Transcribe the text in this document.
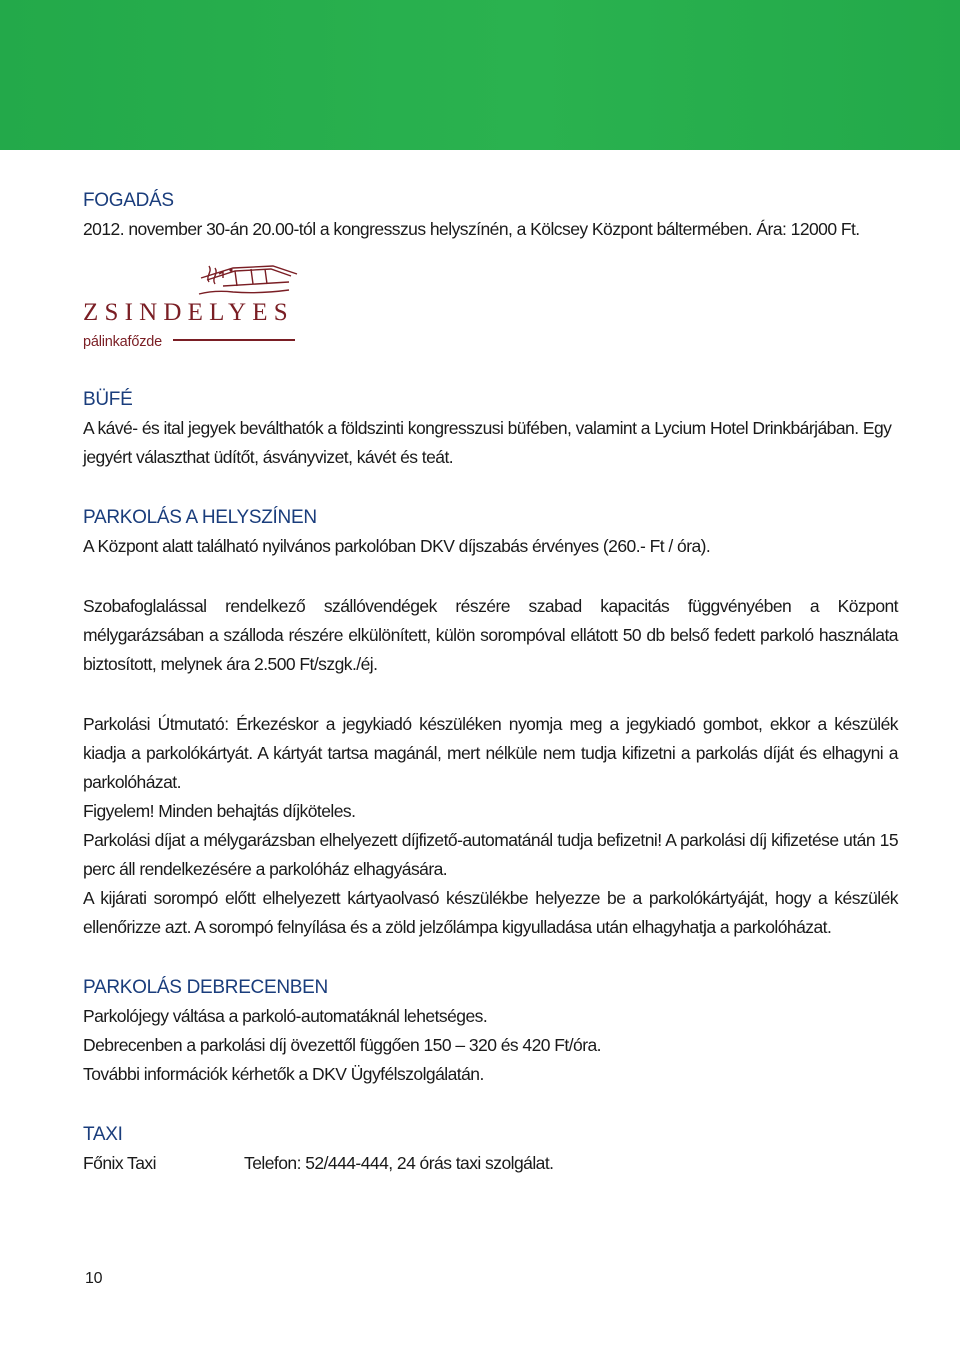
FOGADÁS

2012. november 30-án 20.00-tól a kongresszus helyszínén, a Kölcsey Központ báltermében. Ára: 12000 Ft.

ZSINDELYES
pálinkafőzde
BÜFÉ

A kávé- és ital jegyek beválthatók a földszinti kongresszusi büfében, valamint a Lycium Hotel Drinkbárjában. Egy

jegyért választhat üdítőt, ásványvizet, kávét és teát.

PARKOLÁS A HELYSZÍNEN

A Központ alatt található nyilvános parkolóban DKV díjszabás érvényes (260.- Ft / óra).

Szobafoglalással rendelkező szállóvendégek részére szabad kapacitás függvényében a Központ mélygarázsában a szálloda részére elkülönített, külön sorompóval ellátott 50 db belső fedett parkoló használata biztosított, melynek ára 2.500 Ft/szgk./éj.

Parkolási Útmutató: Érkezéskor a jegykiadó készüléken nyomja meg a jegykiadó gombot, ekkor a készülék kiadja a parkolókártyát. A kártyát tartsa magánál, mert nélküle nem tudja kifizetni a parkolás díját és elhagyni a parkolóházat.

Figyelem! Minden behajtás díjköteles.

Parkolási díjat a mélygarázsban elhelyezett díjfizető-automatánál tudja befizetni! A parkolási díj kifizetése után 15 perc áll rendelkezésére a parkolóház elhagyására.

A kijárati sorompó előtt elhelyezett kártyaolvasó készülékbe helyezze be a parkolókártyáját, hogy a készülék ellenőrizze azt. A sorompó felnyílása és a zöld jelzőlámpa kigyulladása után elhagyhatja a parkolóházat.

PARKOLÁS DEBRECENBEN

Parkolójegy váltása a parkoló-automatáknál lehetséges.

Debrecenben a parkolási díj övezettől függően 150 – 320 és 420 Ft/óra.

További információk kérhetők a DKV Ügyfélszolgálatán.

TAXI
Főnix Taxi	Telefon: 52/444-444, 24 órás taxi szolgálat.
10
